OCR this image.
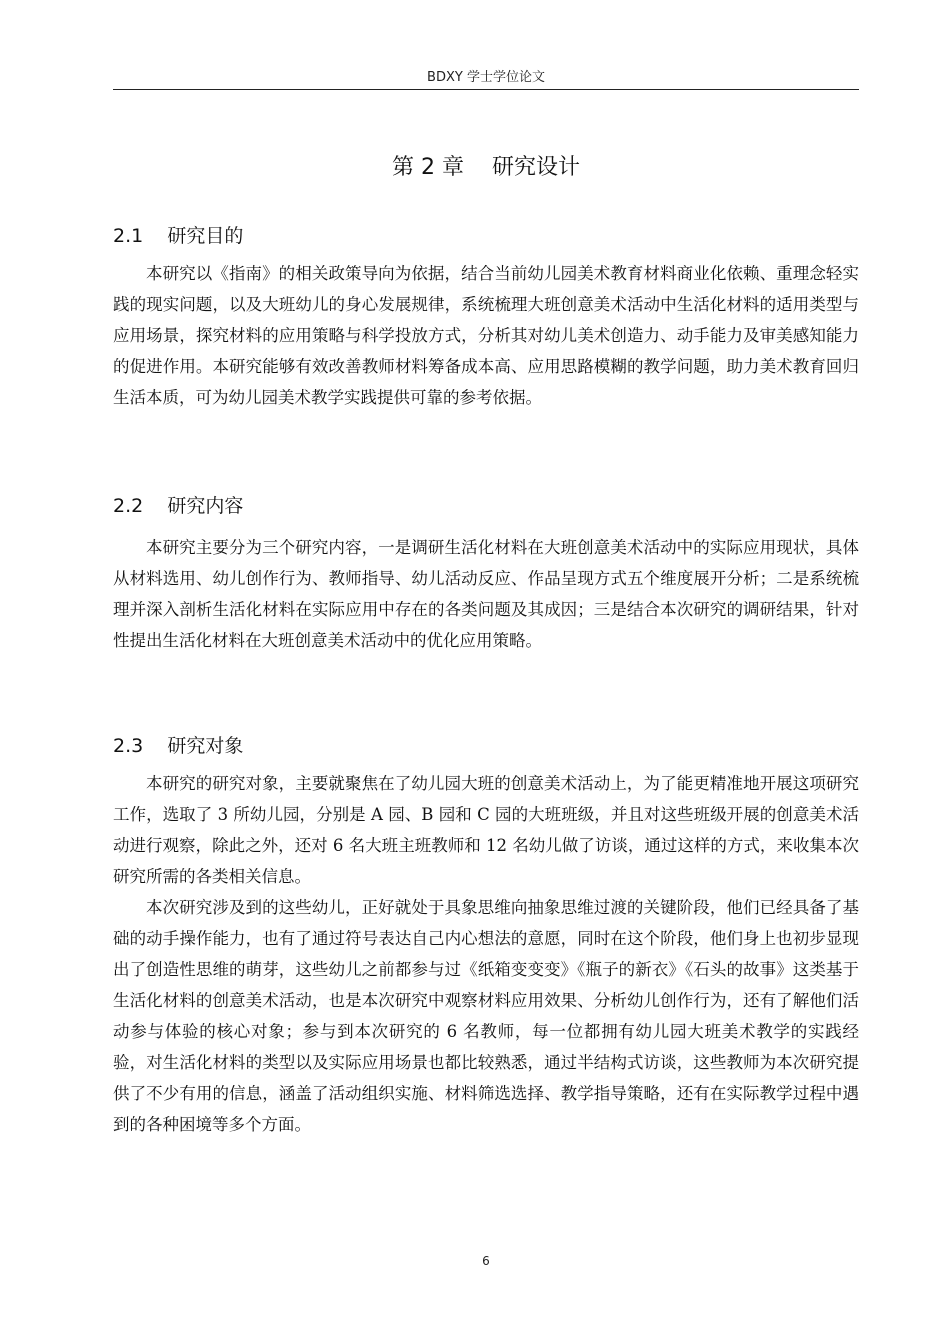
BDXY 学士学位论文
第 2 章    研究设计
2.1    研究目的

本研究以《指南》的相关政策导向为依据，结合当前幼儿园美术教育材料商业化依赖、重理念轻实践的现实问题，以及大班幼儿的身心发展规律，系统梳理大班创意美术活动中生活化材料的适用类型与应用场景，探究材料的应用策略与科学投放方式，分析其对幼儿美术创造力、动手能力及审美感知能力的促进作用。本研究能够有效改善教师材料筹备成本高、应用思路模糊的教学问题，助力美术教育回归生活本质，可为幼儿园美术教学实践提供可靠的参考依据。

2.2    研究内容

本研究主要分为三个研究内容，一是调研生活化材料在大班创意美术活动中的实际应用现状，具体从材料选用、幼儿创作行为、教师指导、幼儿活动反应、作品呈现方式五个维度展开分析；二是系统梳理并深入剖析生活化材料在实际应用中存在的各类问题及其成因；三是结合本次研究的调研结果，针对性提出生活化材料在大班创意美术活动中的优化应用策略。

2.3    研究对象

本研究的研究对象，主要就聚焦在了幼儿园大班的创意美术活动上，为了能更精准地开展这项研究工作，选取了 3 所幼儿园，分别是 A 园、B 园和 C 园的大班班级，并且对这些班级开展的创意美术活动进行观察，除此之外，还对 6 名大班主班教师和 12 名幼儿做了访谈，通过这样的方式，来收集本次研究所需的各类相关信息。

本次研究涉及到的这些幼儿，正好就处于具象思维向抽象思维过渡的关键阶段，他们已经具备了基础的动手操作能力，也有了通过符号表达自己内心想法的意愿，同时在这个阶段，他们身上也初步显现出了创造性思维的萌芽，这些幼儿之前都参与过《纸箱变变变》《瓶子的新衣》《石头的故事》这类基于生活化材料的创意美术活动，也是本次研究中观察材料应用效果、分析幼儿创作行为，还有了解他们活动参与体验的核心对象；参与到本次研究的 6 名教师，每一位都拥有幼儿园大班美术教学的实践经验，对生活化材料的类型以及实际应用场景也都比较熟悉，通过半结构式访谈，这些教师为本次研究提供了不少有用的信息，涵盖了活动组织实施、材料筛选选择、教学指导策略，还有在实际教学过程中遇到的各种困境等多个方面。

6
